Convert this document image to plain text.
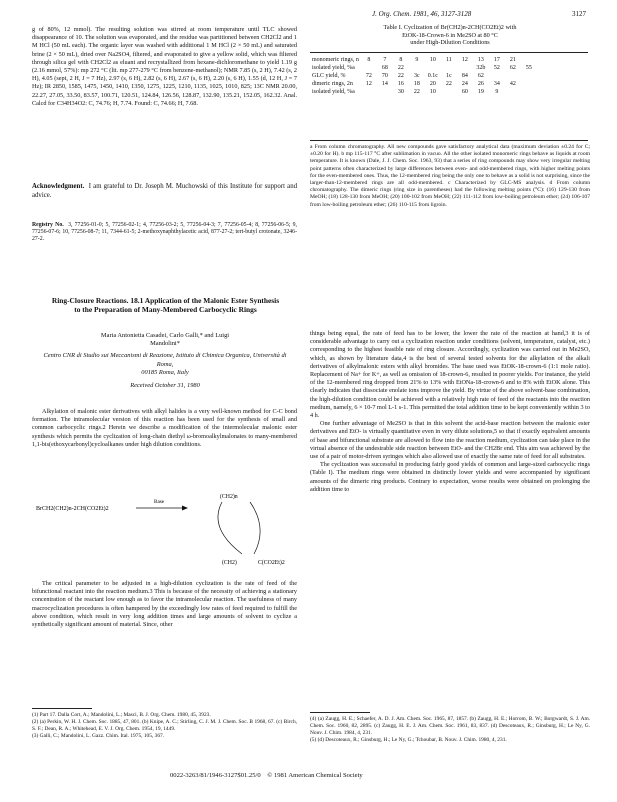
J. Org. Chem. 1981, 46, 3127-3128	3127

g of 80%, 12 mmol). The resulting solution was stirred at room temperature until TLC showed disappearance of 10. The solution was evaporated, and the residue was partitioned between CH2Cl2 and 1 M HCl (50 mL each). The organic layer was washed with additional 1 M HCl (2 × 50 mL) and saturated brine (2 × 50 mL), dried over Na2SO4, filtered, and evaporated to give a yellow solid, which was filtered through silica gel with CH2Cl2 as eluant and recrystallized from hexane-dichloromethane to yield 1.19 g (2.16 mmol, 57%): mp 272 °C (lit. mp 277-279 °C from benzene-methanol); NMR 7.85 (s, 2 H), 7.42 (s, 2 H), 4.05 (sept, 2 H, J = 7 Hz), 2.97 (s, 6 H), 2.82 (s, 6 H), 2.67 (s, 6 H), 2.20 (s, 6 H), 1.55 (d, 12 H, J = 7 Hz); IR 2850, 1585, 1475, 1450, 1410, 1350, 1275, 1225, 1210, 1135, 1025, 1010, 825; 13C NMR 20.00, 22.27, 27.05, 33.50, 83.57, 100.71, 120.51, 124.84, 126.56, 128.87, 132.90, 135.21, 152.05, 162.32. Anal. Calcd for C34H34O2: C, 74.76; H, 7.74. Found: C, 74.66; H, 7.68.

Acknowledgment. I am grateful to Dr. Joseph M. Muchowski of this Institute for support and advice.

Registry No. 3, 77256-01-0; 5, 77256-02-1; 4, 77256-03-2; 5, 77256-04-3; 7, 77256-05-4; 8, 77256-06-5; 9, 77256-07-6; 10, 77256-08-7; 11, 7344-61-5; 2-methoxynaphthylacetic acid, 877-27-2; tert-butyl crotonate, 3246-27-2.

Ring-Closure Reactions. 18.1 Application of the Malonic Ester Synthesis to the Preparation of Many-Membered Carbocyclic Rings
Maria Antonietta Casadei, Carlo Galli,* and Luigi Mandolini*
Centro CNR di Studio sui Meccanismi di Reazione, Istituto di Chimica Organica, Università di Roma,
00185 Roma, Italy
Received October 31, 1980

Alkylation of malonic ester derivatives with alkyl halides is a very well-known method for C-C bond formation. The intramolecular version of this reaction has been used for the synthesis of small and common carbocyclic rings.2 Herein we describe a modification of the intermolecular malonic ester synthesis which permits the cyclization of long-chain diethyl ω-bromoalkylmalonates to many-membered 1,1-bis(ethoxycarbonyl)cycloalkanes under high dilution conditions.

BrCH2(CH2)n-2CH(CO2Et)2
Base
(CH2)n
C(CO2Et)2
(CH2)

The critical parameter to be adjusted in a high-dilution cyclization is the rate of feed of the bifunctional reactant into the reaction medium.3 This is because of the necessity of achieving a stationary concentration of the reactant low enough as to favor the intramolecular reaction. The usefulness of many macrocyclization procedures is often hampered by the exceedingly low rates of feed required to fulfill the above condition, which result in very long addition times and large amounts of solvent to cyclize a synthetically significant amount of material. Since, other

(1) Part 17. Dalla Cort, A.; Mandolini, L.; Masci, B. J. Org. Chem. 1980, 45, 3923.

(2) (a) Perkin, W. H. J. Chem. Soc. 1885, 47, 801. (b) Knipe, A. C.; Stirling, C. J. M. J. Chem. Soc. B 1968, 67. (c) Birch, S. F.; Dean, R. A.; Whitehead, E. V. J. Org. Chem. 1954, 19, 1449.

(3) Galli, C.; Mandolini, L. Gazz. Chim. Ital. 1975, 105, 367.

Table I. Cyclization of Br(CH2)n-2CH(CO2Et)2 with
EtOK-18-Crown-6 in Me2SO at 80 °C
under High-Dilution Conditions
monomeric rings, n	8	7	8	9	10	11	12	13	17	21	
isolated yield, %a		68	22					32b	52	62	55
GLC yield, %	72	70	22	3c	0.1c	1c	84	62			
dimeric rings, 2n	12	14	16	18	20	22	24	26	34	42	
isolated yield, %a			30	22	10		60	19	9		

a From column chromatography. All new compounds gave satisfactory analytical data (maximum deviation ±0.24 for C; ±0.20 for H). b mp 115-117 °C after sublimation in vacuo. All the other isolated monomeric rings behave as liquids at room temperature. It is known (Dale, J. J. Chem. Soc. 1963, 93) that a series of ring compounds may show very irregular melting point patterns often characterized by large differences between even- and odd-membered rings, with higher melting points for the even-membered ones. Thus, the 12-membered ring being the only one to behave as a solid is not surprising, since the larger-than-12-membered rings are all odd-membered. c Characterized by GLC-MS analysis. d From column chromatography. The dimeric rings (ring size in parentheses) had the following melting points (°C): (16) 129-130 from MeOH; (18) 128-130 from MeOH; (20) 100-102 from MeOH; (22) 111-112 from low-boiling petroleum ether; (24) 106-107 from low-boiling petroleum ether; (26) 110-115 from ligroin.

things being equal, the rate of feed has to be lower, the lower the rate of the reaction at hand,3 it is of considerable advantage to carry out a cyclization reaction under conditions (solvent, temperature, catalyst, etc.) corresponding to the highest feasible rate of ring closure. Accordingly, cyclization was carried out in Me2SO, which, as shown by literature data,4 is the best of several tested solvents for the alkylation of the alkali derivatives of alkylmalonic esters with alkyl bromides. The base used was EtOK-18-crown-6 (1:1 mole ratio). Replacement of Na+ for K+, as well as omission of 18-crown-6, resulted in poorer yields. For instance, the yield of the 12-membered ring dropped from 21% to 13% with EtONa-18-crown-6 and to 8% with EtOK alone. This clearly indicates that dissociate enolate ions improve the yield. By virtue of the above solvent-base combination, the high-dilution condition could be achieved with a relatively high rate of feed of the reactants into the reaction medium, namely, 6 × 10-7 mol L-1 s-1. This permitted the total addition time to be kept conveniently within 3 to 4 h.

One further advantage of Me2SO is that in this solvent the acid-base reaction between the malonic ester derivatives and EtO- is virtually quantitative even in very dilute solutions,5 so that if exactly equivalent amounts of base and bifunctional substrate are allowed to flow into the reaction medium, cyclization can take place in the virtual absence of the undesirable side reaction between EtO- and the CH2Br end. This aim was achieved by the use of a pair of motor-driven syringes which also allowed use of exactly the same rate of feed for all substrates.

The cyclization was successful in producing fairly good yields of common and large-sized carbocyclic rings (Table I). The medium rings were obtained in distinctly lower yields and were accompanied by significant amounts of the dimeric ring products. Contrary to expectation, worse results were obtained on prolonging the addition time to

(4) (a) Zaugg, H. E.; Schaefer, A. D. J. Am. Chem. Soc. 1965, 87, 1857. (b) Zaugg, H. E.; Horrom, B. W.; Borgwardt, S. J. Am. Chem. Soc. 1960, 82, 2895. (c) Zaugg, H. E. J. Am. Chem. Soc. 1961, 83, 837. (d) Descoteaux, R.; Ginsburg, H.; Le Ny, G. Nouv. J. Chim. 1984, 4, 231.

(5) (d) Descoteaux, R.; Ginsburg, H.; Le Ny, G.; Tchoubar, B. Nouv. J. Chim. 1980, 4, 231.

0022-3263/81/1946-3127$01.25/0 © 1981 American Chemical Society
